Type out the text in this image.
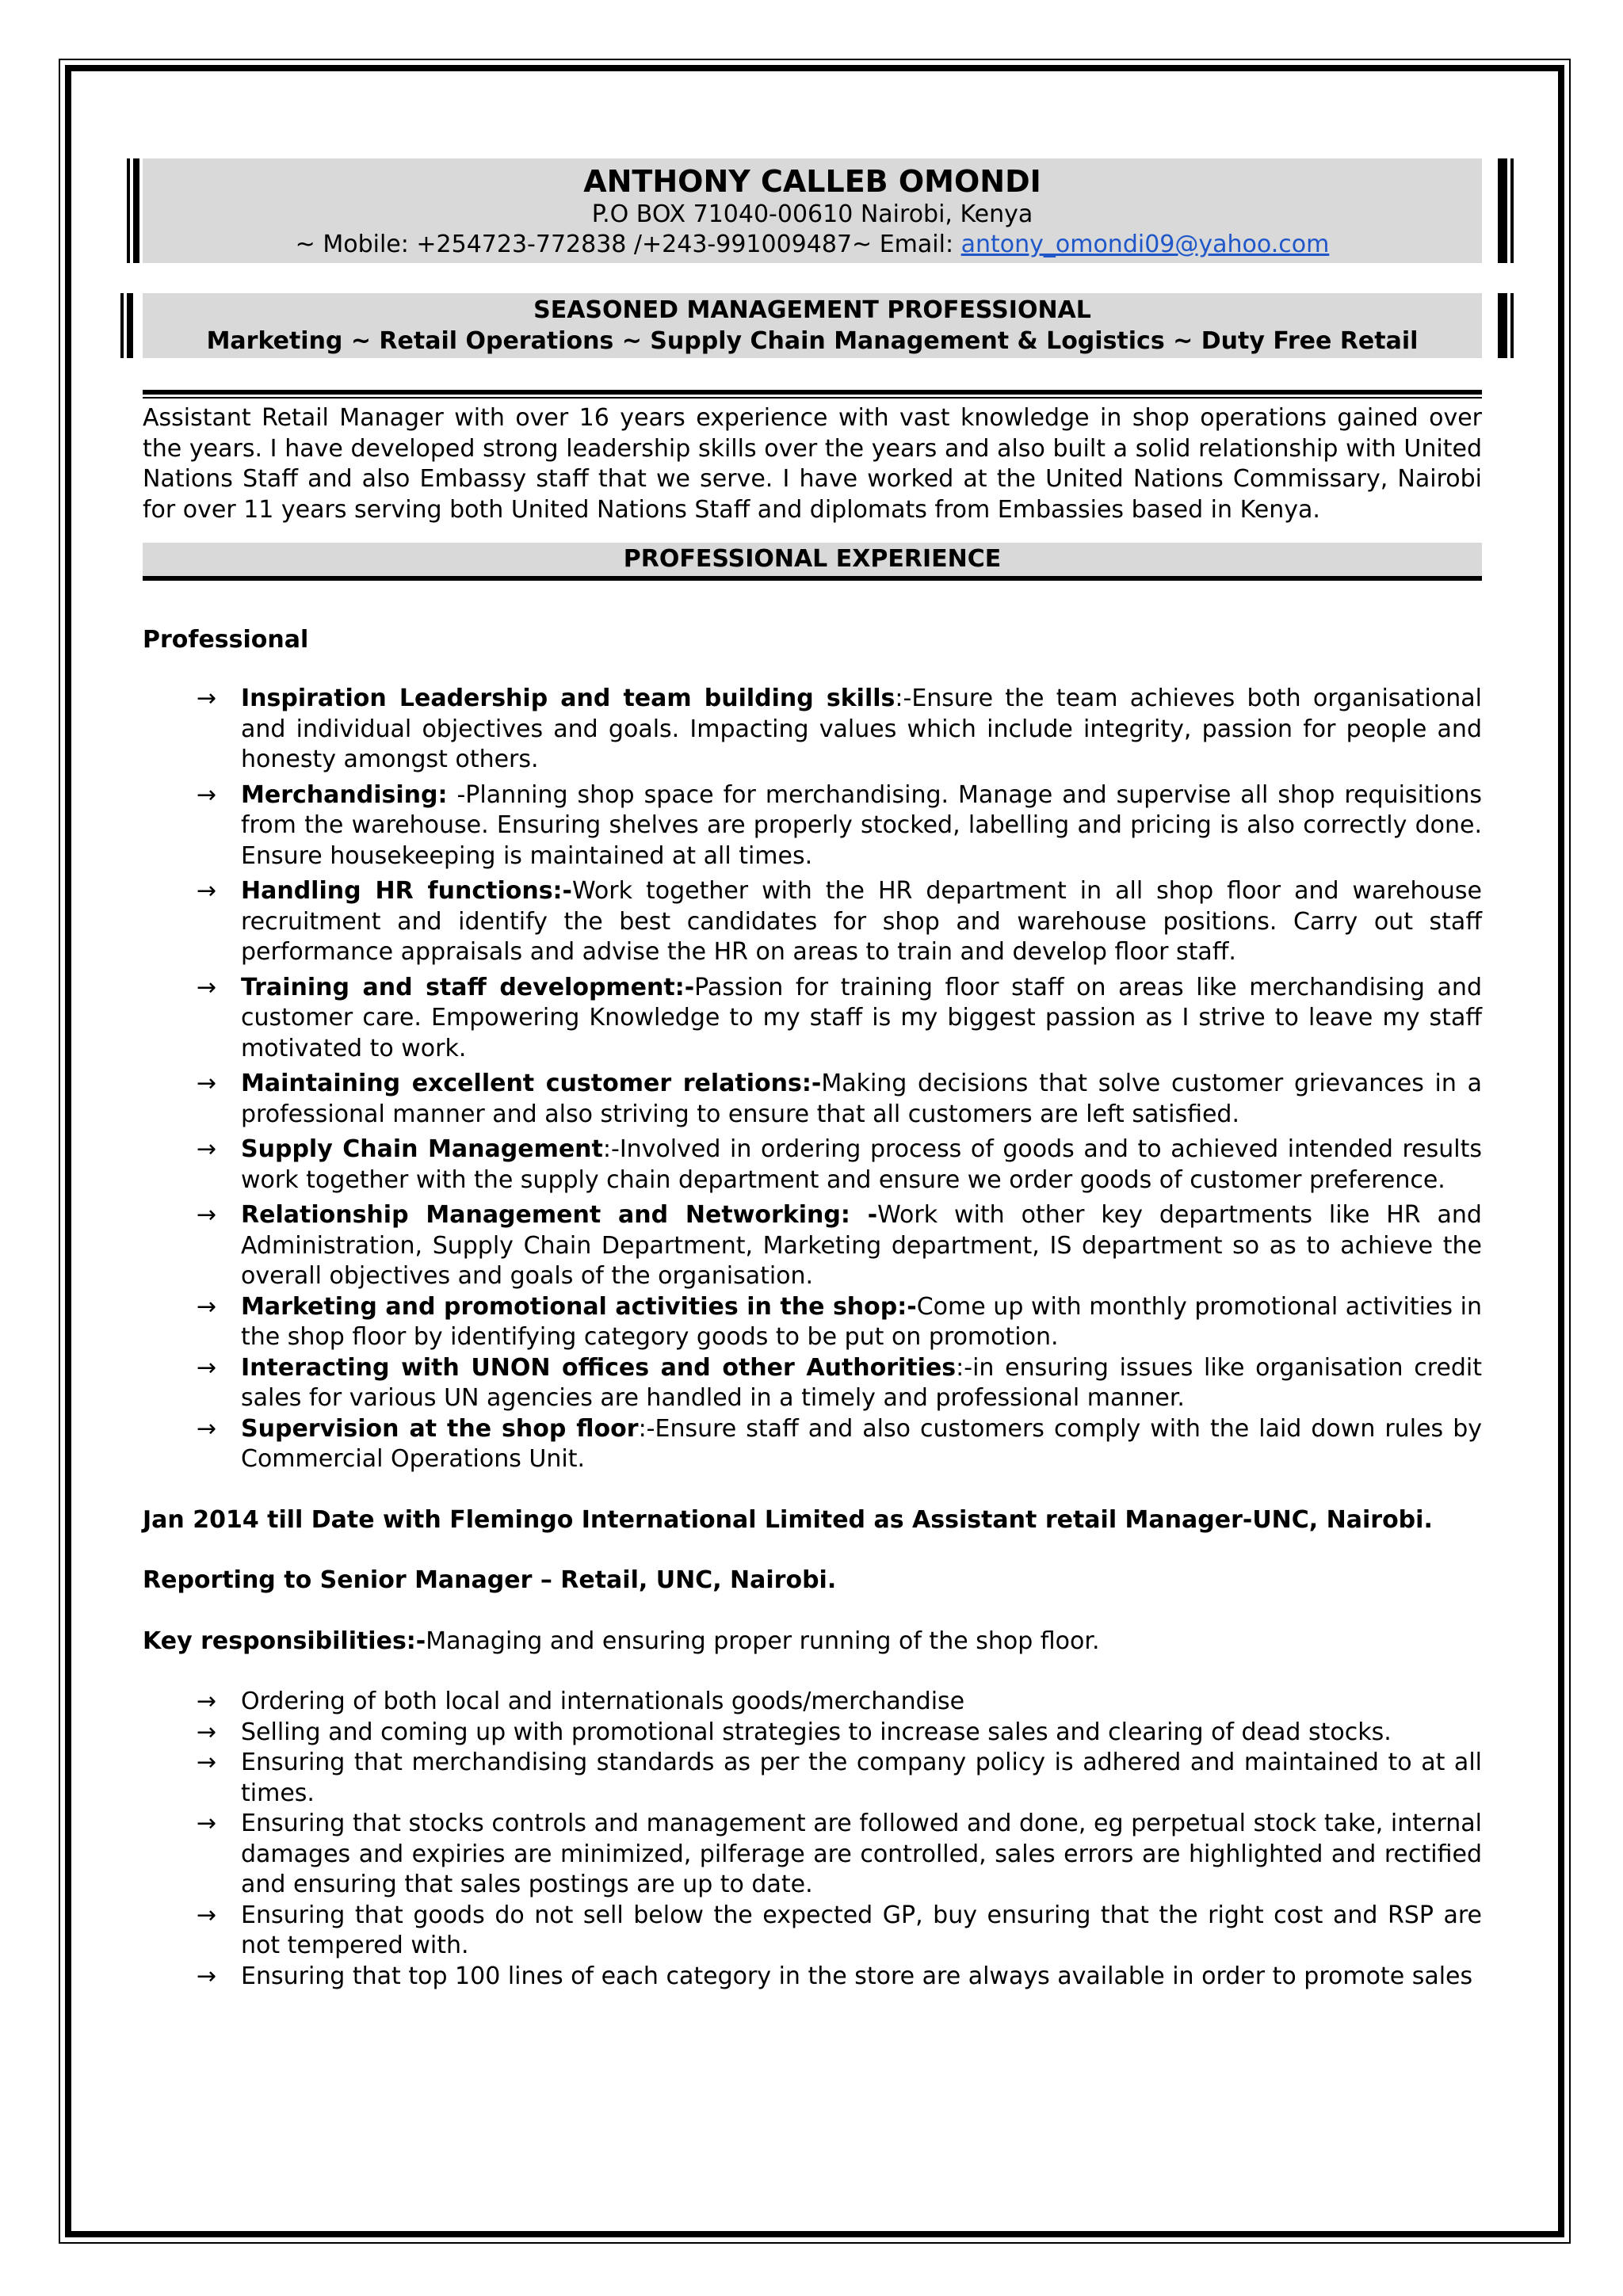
ANTHONY CALLEB OMONDI
P.O BOX 71040-00610 Nairobi, Kenya
~ Mobile: +254723-772838 /+243-991009487~ Email: antony_omondi09@yahoo.com
SEASONED MANAGEMENT PROFESSIONAL
Marketing ~ Retail Operations ~ Supply Chain Management & Logistics ~ Duty Free Retail
Assistant Retail Manager with over 16 years experience with vast knowledge in shop operations gained over the years. I have developed strong leadership skills over the years and also built a solid relationship with United Nations Staff and also Embassy staff that we serve. I have worked at the United Nations Commissary, Nairobi for over 11 years serving both United Nations Staff and diplomats from Embassies based in Kenya.
PROFESSIONAL EXPERIENCE
Professional
→ Inspiration Leadership and team building skills:-Ensure the team achieves both organisational and individual objectives and goals. Impacting values which include integrity, passion for people and honesty amongst others.
→ Merchandising: -Planning shop space for merchandising. Manage and supervise all shop requisitions from the warehouse. Ensuring shelves are properly stocked, labelling and pricing is also correctly done. Ensure housekeeping is maintained at all times.
→ Handling HR functions:-Work together with the HR department in all shop floor and warehouse recruitment and identify the best candidates for shop and warehouse positions. Carry out staff performance appraisals and advise the HR on areas to train and develop floor staff.
→ Training and staff development:-Passion for training floor staff on areas like merchandising and customer care. Empowering Knowledge to my staff is my biggest passion as I strive to leave my staff motivated to work.
→ Maintaining excellent customer relations:-Making decisions that solve customer grievances in a professional manner and also striving to ensure that all customers are left satisfied.
→ Supply Chain Management:-Involved in ordering process of goods and to achieved intended results work together with the supply chain department and ensure we order goods of customer preference.
→ Relationship Management and Networking: -Work with other key departments like HR and Administration, Supply Chain Department, Marketing department, IS department so as to achieve the overall objectives and goals of the organisation.
→ Marketing and promotional activities in the shop:-Come up with monthly promotional activities in the shop floor by identifying category goods to be put on promotion.
→ Interacting with UNON offices and other Authorities:-in ensuring issues like organisation credit sales for various UN agencies are handled in a timely and professional manner.
→ Supervision at the shop floor:-Ensure staff and also customers comply with the laid down rules by Commercial Operations Unit.
Jan 2014 till Date with Flemingo International Limited as Assistant retail Manager-UNC, Nairobi.
Reporting to Senior Manager – Retail, UNC, Nairobi.
Key responsibilities:-Managing and ensuring proper running of the shop floor.
→ Ordering of both local and internationals goods/merchandise
→ Selling and coming up with promotional strategies to increase sales and clearing of dead stocks.
→ Ensuring that merchandising standards as per the company policy is adhered and maintained to at all times.
→ Ensuring that stocks controls and management are followed and done, eg perpetual stock take, internal damages and expiries are minimized, pilferage are controlled, sales errors are highlighted and rectified and ensuring that sales postings are up to date.
→ Ensuring that goods do not sell below the expected GP, buy ensuring that the right cost and RSP are not tempered with.
→ Ensuring that top 100 lines of each category in the store are always available in order to promote sales
